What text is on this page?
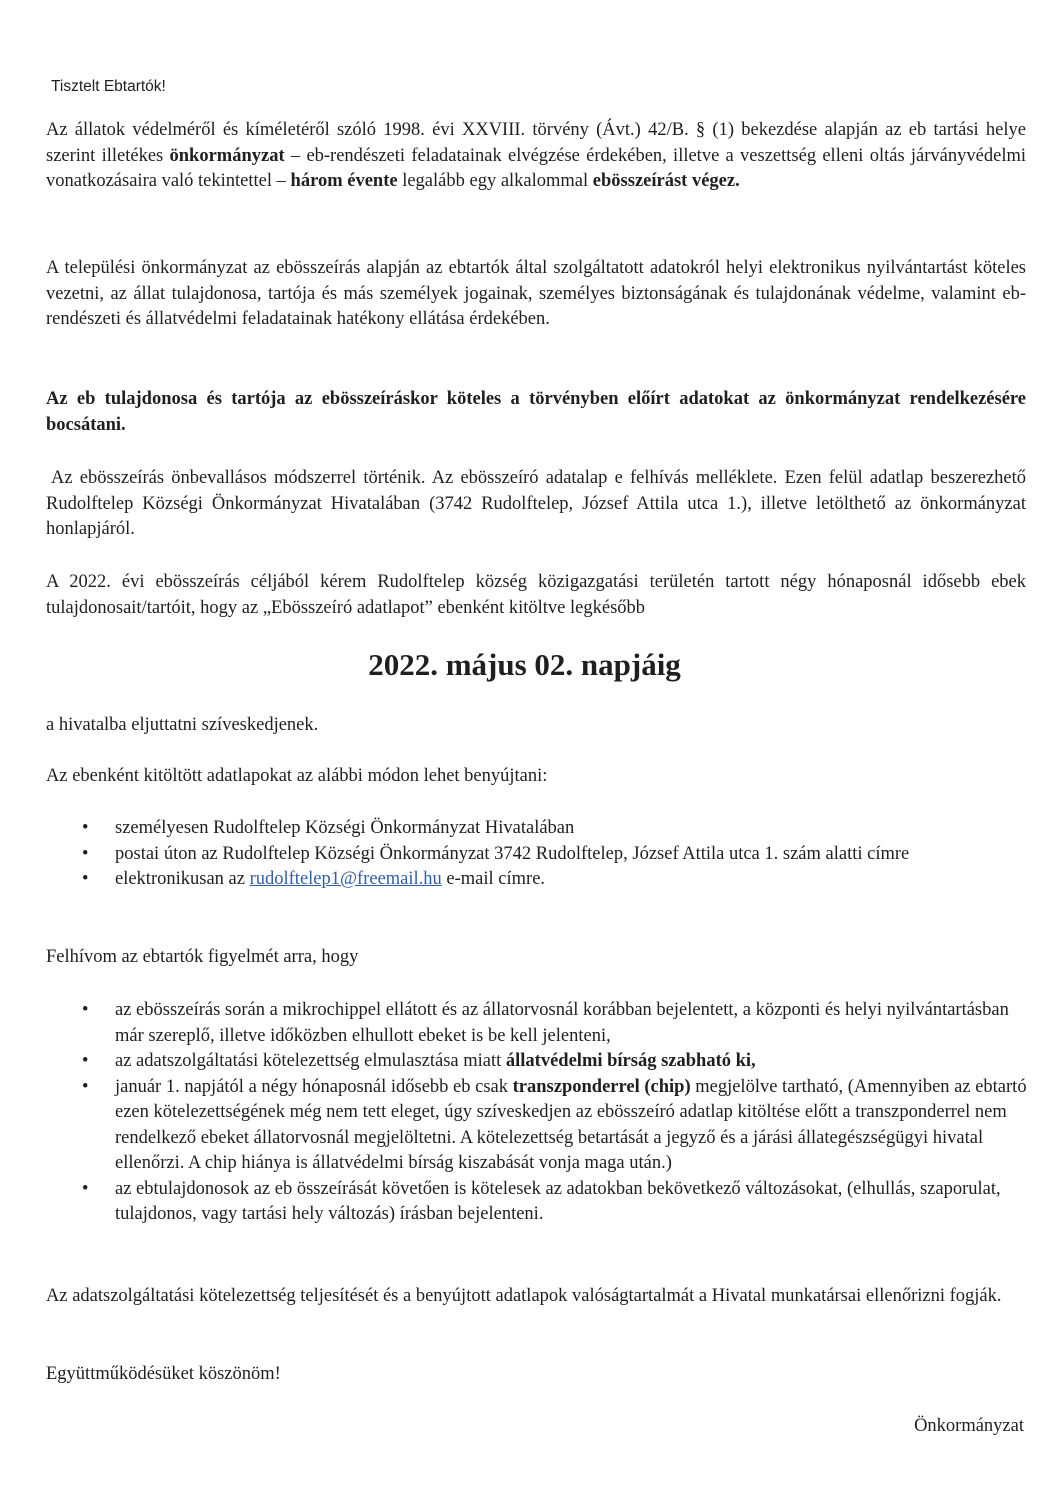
Tisztelt Ebtartók!

Az állatok védelméről és kíméletéről szóló 1998. évi XXVIII. törvény (Ávt.) 42/B. § (1) bekezdése alapján az eb tartási helye szerint illetékes önkormányzat – eb-rendészeti feladatainak elvégzése érdekében, illetve a veszettség elleni oltás járványvédelmi vonatkozásaira való tekintettel – három évente legalább egy alkalommal ebösszeírást végez.

A települési önkormányzat az ebösszeírás alapján az ebtartók által szolgáltatott adatokról helyi elektronikus nyilvántartást köteles vezetni, az állat tulajdonosa, tartója és más személyek jogainak, személyes biztonságának és tulajdonának védelme, valamint eb-rendészeti és állatvédelmi feladatainak hatékony ellátása érdekében.

Az eb tulajdonosa és tartója az ebösszeíráskor köteles a törvényben előírt adatokat az önkormányzat rendelkezésére bocsátani.

Az ebösszeírás önbevallásos módszerrel történik. Az ebösszeíró adatalap e felhívás melléklete. Ezen felül adatlap beszerezhető Rudolftelep Községi Önkormányzat Hivatalában (3742 Rudolftelep, József Attila utca 1.), illetve letölthető az önkormányzat honlapjáról.

A 2022. évi ebösszeírás céljából kérem Rudolftelep község közigazgatási területén tartott négy hónaposnál idősebb ebek tulajdonosait/tartóit, hogy az „Ebösszeíró adatlapot” ebenként kitöltve legkésőbb

2022. május 02. napjáig

a hivatalba eljuttatni szíveskedjenek.

Az ebenként kitöltött adatlapokat az alábbi módon lehet benyújtani:

•	személyesen Rudolftelep Községi Önkormányzat Hivatalában
•	postai úton az Rudolftelep Községi Önkormányzat 3742 Rudolftelep, József Attila utca 1. szám alatti címre
•	elektronikusan az rudolftelep1@freemail.hu e-mail címre.

Felhívom az ebtartók figyelmét arra, hogy

•	az ebösszeírás során a mikrochippel ellátott és az állatorvosnál korábban bejelentett, a központi és helyi nyilvántartásban már szereplő, illetve időközben elhullott ebeket is be kell jelenteni,
•	az adatszolgáltatási kötelezettség elmulasztása miatt állatvédelmi bírság szabható ki,
•	január 1. napjától a négy hónaposnál idősebb eb csak transzponderrel (chip) megjelölve tartható, (Amennyiben az ebtartó ezen kötelezettségének még nem tett eleget, úgy szíveskedjen az ebösszeíró adatlap kitöltése előtt a transzponderrel nem rendelkező ebeket állatorvosnál megjelöltetni. A kötelezettség betartását a jegyző és a járási állategészségügyi hivatal ellenőrzi. A chip hiánya is állatvédelmi bírság kiszabását vonja maga után.)
•	az ebtulajdonosok az eb összeírását követően is kötelesek az adatokban bekövetkező változásokat, (elhullás, szaporulat, tulajdonos, vagy tartási hely változás) írásban bejelenteni.

Az adatszolgáltatási kötelezettség teljesítését és a benyújtott adatlapok valóságtartalmát a Hivatal munkatársai ellenőrizni fogják.

Együttműködésüket köszönöm!

Önkormányzat
